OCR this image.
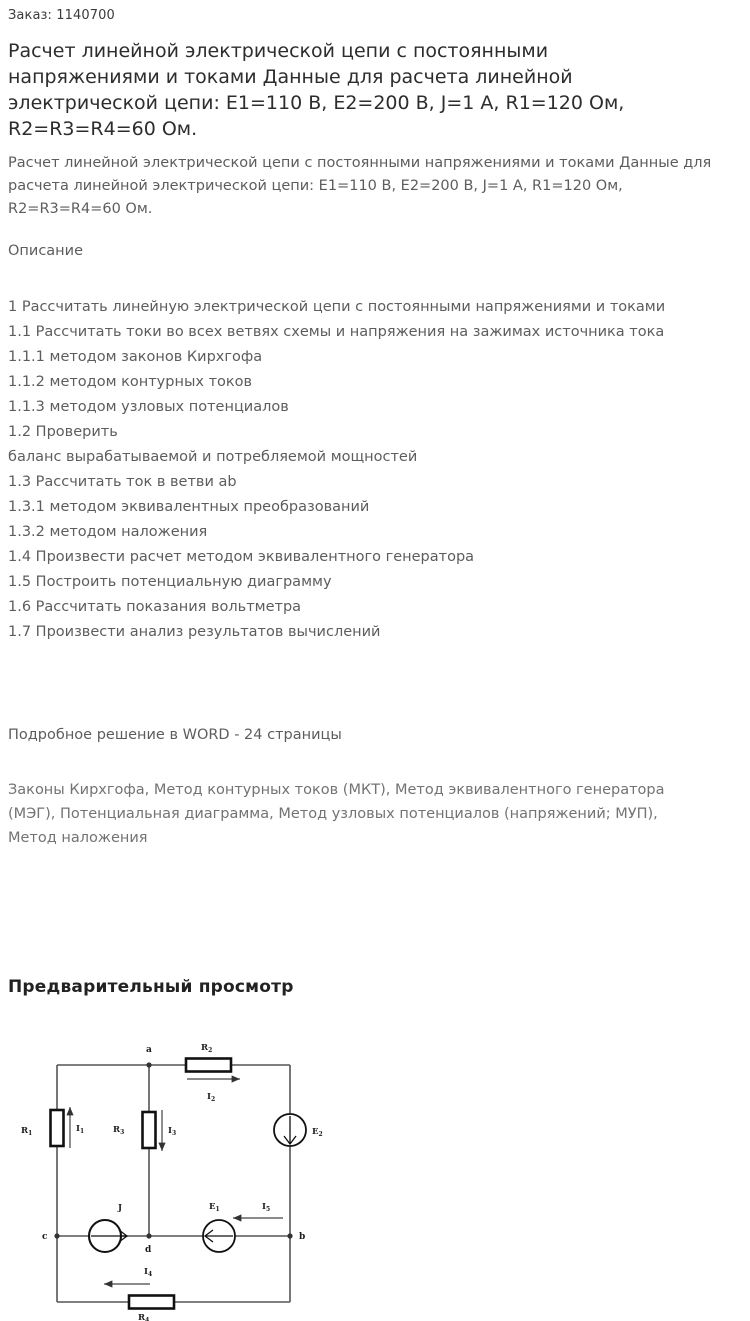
Заказ: 1140700
Расчет линейной электрической цепи с постоянными напряжениями и токами Данные для расчета линейной электрической цепи: E1=110 В, E2=200 В, J=1 А, R1=120 Ом, R2=R3=R4=60 Ом.

Расчет линейной электрической цепи с постоянными напряжениями и токами Данные для расчета линейной электрической цепи: E1=110 В, E2=200 В, J=1 А, R1=120 Ом, R2=R3=R4=60 Ом.

Описание
1 Рассчитать линейную электрической цепи с постоянными напряжениями и токами
1.1 Рассчитать токи во всех ветвях схемы и напряжения на зажимах источника тока
1.1.1 методом законов Кирхгофа
1.1.2 методом контурных токов
1.1.3 методом узловых потенциалов
1.2 Проверить
баланс вырабатываемой и потребляемой мощностей
1.3 Рассчитать ток в ветви ab
1.3.1 методом эквивалентных преобразований
1.3.2 методом наложения
1.4 Произвести расчет методом эквивалентного генератора
1.5 Построить потенциальную диаграмму
1.6 Рассчитать показания вольтметра
1.7 Произвести анализ результатов вычислений
Подробное решение в WORD - 24 страницы
Законы Кирхгофа, Метод контурных токов (МКТ), Метод эквивалентного генератора (МЭГ), Потенциальная диаграмма, Метод узловых потенциалов (напряжений; МУП), Метод наложения
Предварительный просмотр
a
b
c
d
$R_2$
$R_1$	$R_3$
$R_4$
$I_2$
$I_1$	$I_3$
$I_4$
$I_5$
$E_2$
$E_1$
J
